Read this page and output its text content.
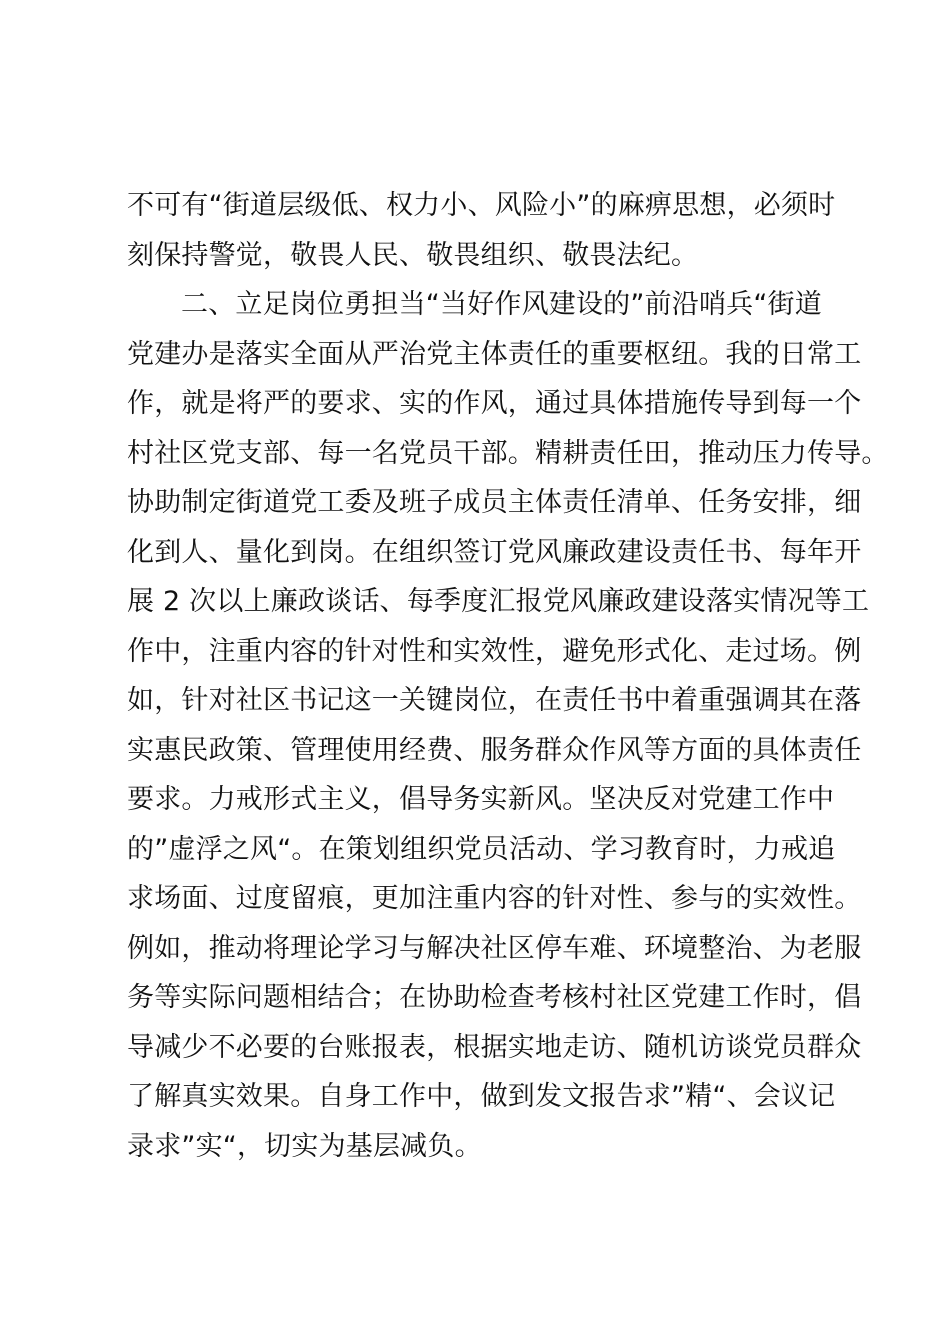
不可有“街道层级低、权力小、风险小”的麻痹思想，必须时
刻保持警觉，敬畏人民、敬畏组织、敬畏法纪。
二、立足岗位勇担当“当好作风建设的”前沿哨兵“街道
党建办是落实全面从严治党主体责任的重要枢纽。我的日常工
作，就是将严的要求、实的作风，通过具体措施传导到每一个
村社区党支部、每一名党员干部。精耕责任田，推动压力传导。
协助制定街道党工委及班子成员主体责任清单、任务安排，细
化到人、量化到岗。在组织签订党风廉政建设责任书、每年开
展 2 次以上廉政谈话、每季度汇报党风廉政建设落实情况等工
作中，注重内容的针对性和实效性，避免形式化、走过场。例
如，针对社区书记这一关键岗位，在责任书中着重强调其在落
实惠民政策、管理使用经费、服务群众作风等方面的具体责任
要求。力戒形式主义，倡导务实新风。坚决反对党建工作中
的”虚浮之风“。在策划组织党员活动、学习教育时，力戒追
求场面、过度留痕，更加注重内容的针对性、参与的实效性。
例如，推动将理论学习与解决社区停车难、环境整治、为老服
务等实际问题相结合；在协助检查考核村社区党建工作时，倡
导减少不必要的台账报表，根据实地走访、随机访谈党员群众
了解真实效果。自身工作中，做到发文报告求”精“、会议记
录求”实“，切实为基层减负。
